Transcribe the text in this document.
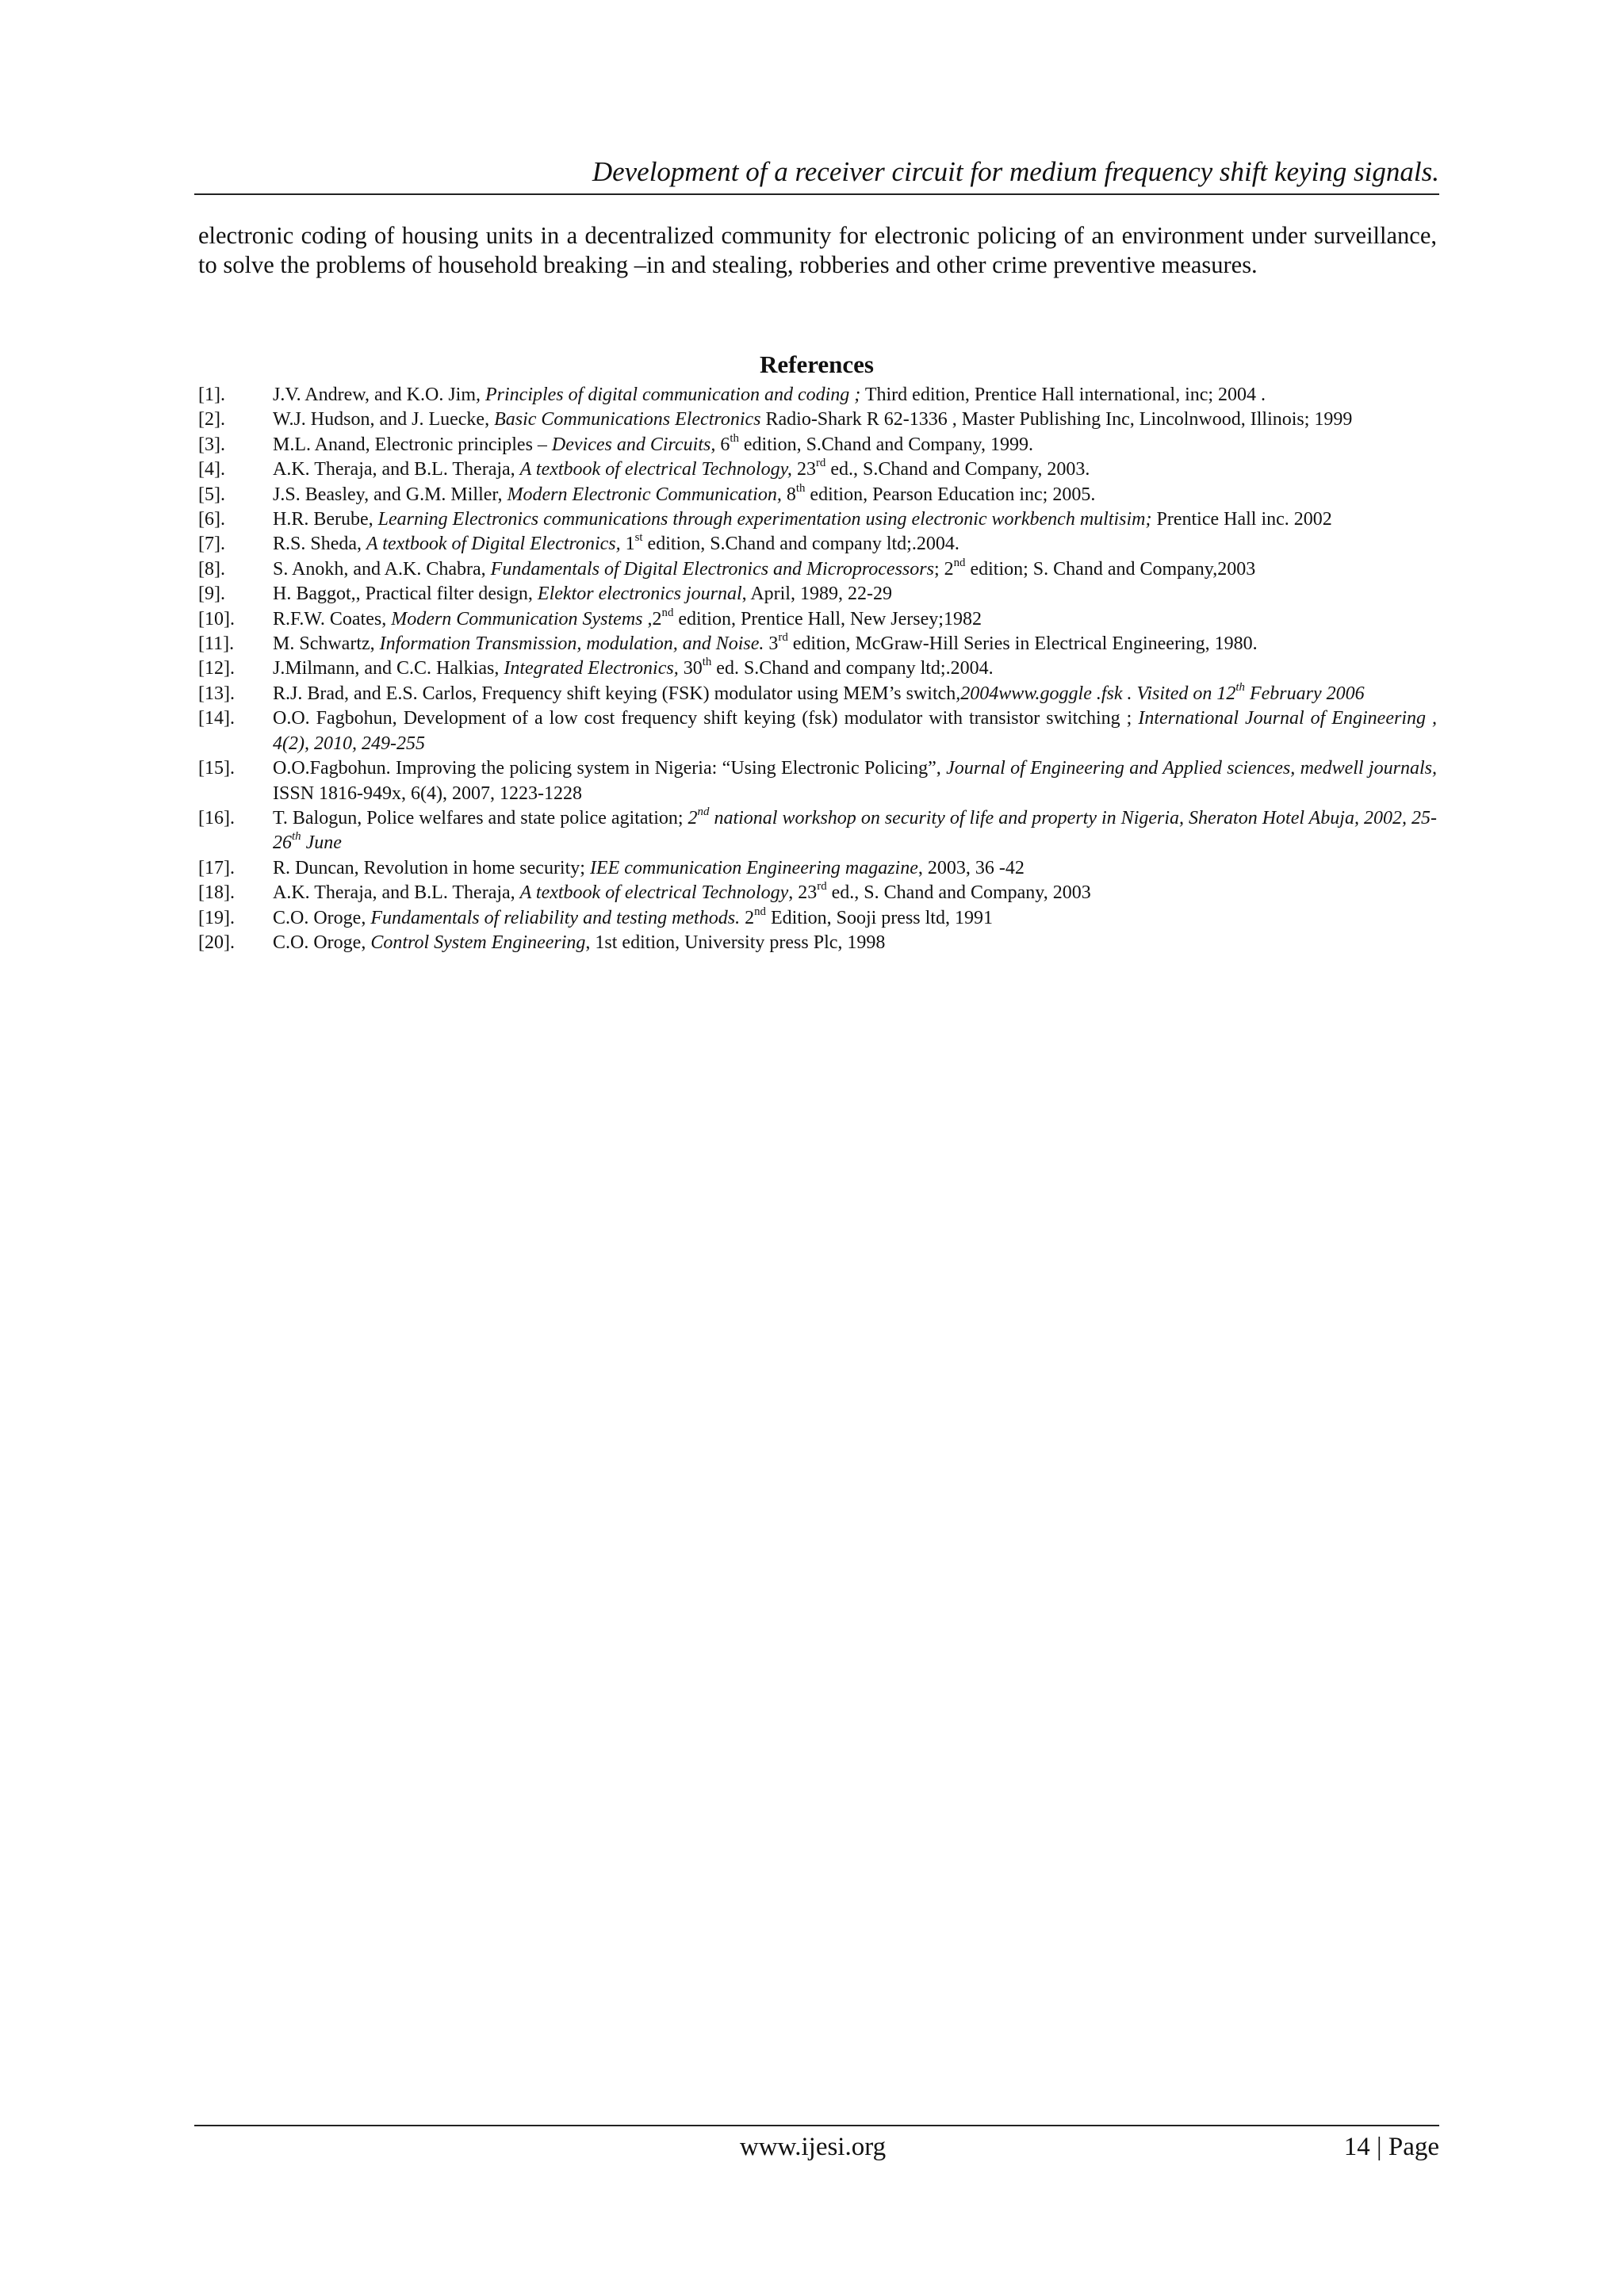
Development of a receiver circuit for medium frequency shift keying signals.
electronic coding of housing units in a decentralized community for electronic policing of an environment under surveillance, to solve the problems of household breaking –in and stealing, robberies and other crime preventive measures.
References
[1].	J.V. Andrew, and K.O. Jim, Principles of digital communication and coding ; Third edition, Prentice Hall international, inc; 2004 .
[2].	W.J. Hudson, and J. Luecke, Basic Communications Electronics Radio-Shark R 62-1336 , Master Publishing Inc, Lincolnwood, Illinois; 1999
[3].	M.L. Anand, Electronic principles – Devices and Circuits, 6th edition, S.Chand and Company, 1999.
[4].	A.K. Theraja, and B.L. Theraja, A textbook of electrical Technology, 23rd ed., S.Chand and Company, 2003.
[5].	J.S. Beasley, and G.M. Miller, Modern Electronic Communication, 8th edition, Pearson Education inc; 2005.
[6].	H.R. Berube, Learning Electronics communications through experimentation using electronic workbench multisim; Prentice Hall inc. 2002
[7].	R.S. Sheda, A textbook of Digital Electronics, 1st edition, S.Chand and company ltd;.2004.
[8].	S. Anokh, and A.K. Chabra, Fundamentals of Digital Electronics and Microprocessors; 2nd edition; S. Chand and Company,2003
[9].	H. Baggot,, Practical filter design, Elektor electronics journal, April, 1989, 22-29
[10].	R.F.W. Coates, Modern Communication Systems ,2nd edition, Prentice Hall, New Jersey;1982
[11].	M. Schwartz, Information Transmission, modulation, and Noise. 3rd edition, McGraw-Hill Series in Electrical Engineering, 1980.
[12].	J.Milmann, and C.C. Halkias, Integrated Electronics, 30th ed. S.Chand and company ltd;.2004.
[13].	R.J. Brad, and E.S. Carlos, Frequency shift keying (FSK) modulator using MEM’s switch,2004www.goggle .fsk . Visited on 12th February 2006
[14].	O.O. Fagbohun, Development of a low cost frequency shift keying (fsk) modulator with transistor switching ; International Journal of Engineering , 4(2), 2010, 249-255
[15].	O.O.Fagbohun. Improving the policing system in Nigeria: “Using Electronic Policing”, Journal of Engineering and Applied sciences, medwell journals, ISSN 1816-949x, 6(4), 2007, 1223-1228
[16].	T. Balogun, Police welfares and state police agitation; 2nd national workshop on security of life and property in Nigeria, Sheraton Hotel Abuja, 2002, 25-26th June
[17].	R. Duncan, Revolution in home security; IEE communication Engineering magazine, 2003, 36 -42
[18].	A.K. Theraja, and B.L. Theraja, A textbook of electrical Technology, 23rd ed., S. Chand and Company, 2003
[19].	C.O. Oroge, Fundamentals of reliability and testing methods. 2nd Edition, Sooji press ltd, 1991
[20].	C.O. Oroge, Control System Engineering, 1st edition, University press Plc, 1998
www.ijesi.org	14 | Page
